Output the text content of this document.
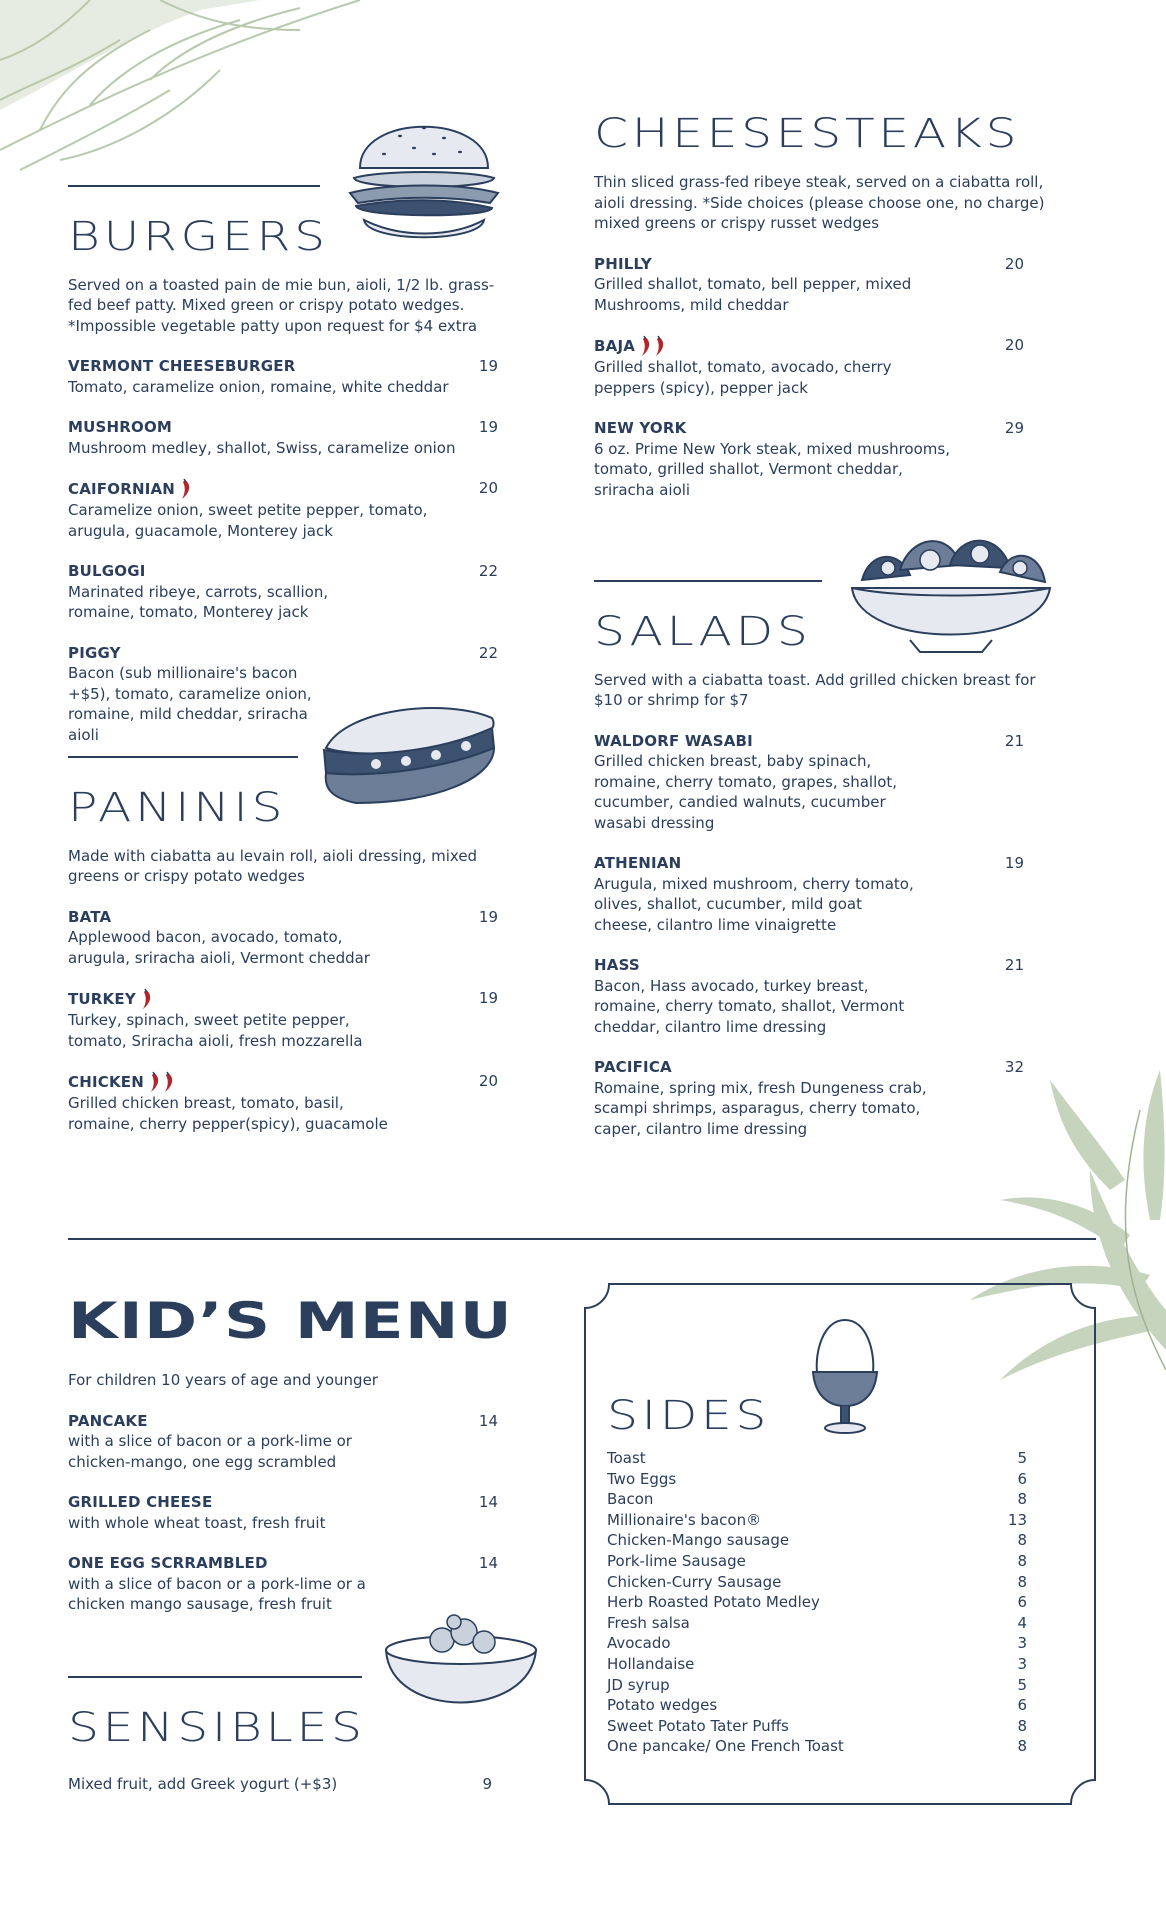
BURGERS
Served on a toasted pain de mie bun, aioli, 1/2 lb. grass-fed beef patty. Mixed green or crispy potato wedges. *Impossible vegetable patty upon request for $4 extra
VERMONT CHEESEBURGER	19
Tomato, caramelize onion, romaine, white cheddar
MUSHROOM	19
Mushroom medley, shallot, Swiss, caramelize onion
CAIFORNIAN	20
Caramelize onion, sweet petite pepper, tomato, arugula, guacamole, Monterey jack
BULGOGI	22
Marinated ribeye, carrots, scallion, romaine, tomato, Monterey jack
PIGGY	22
Bacon (sub millionaire's bacon +$5), tomato, caramelize onion, romaine, mild cheddar, sriracha aioli
PANINIS
Made with ciabatta au levain roll, aioli dressing, mixed greens or crispy potato wedges
BATA	19
Applewood bacon, avocado, tomato, arugula, sriracha aioli, Vermont cheddar
TURKEY	19
Turkey, spinach, sweet petite pepper, tomato, Sriracha aioli, fresh mozzarella
CHICKEN	20
Grilled chicken breast, tomato, basil, romaine, cherry pepper(spicy), guacamole
CHEESESTEAKS
Thin sliced grass-fed ribeye steak, served on a ciabatta roll, aioli dressing. *Side choices (please choose one, no charge) mixed greens or crispy russet wedges
PHILLY	20
Grilled shallot, tomato, bell pepper, mixed Mushrooms, mild cheddar
BAJA	20
Grilled shallot, tomato, avocado, cherry peppers (spicy), pepper jack
NEW YORK	29
6 oz. Prime New York steak, mixed mushrooms, tomato, grilled shallot, Vermont cheddar, sriracha aioli
SALADS
Served with a ciabatta toast. Add grilled chicken breast for $10 or shrimp for $7
WALDORF WASABI	21
Grilled chicken breast, baby spinach, romaine, cherry tomato, grapes, shallot, cucumber, candied walnuts, cucumber wasabi dressing
ATHENIAN	19
Arugula, mixed mushroom, cherry tomato, olives, shallot, cucumber, mild goat cheese, cilantro lime vinaigrette
HASS	21
Bacon, Hass avocado, turkey breast, romaine, cherry tomato, shallot, Vermont cheddar, cilantro lime dressing
PACIFICA	32
Romaine, spring mix, fresh Dungeness crab, scampi shrimps, asparagus, cherry tomato, caper, cilantro lime dressing
KID’S MENU
For children 10 years of age and younger
PANCAKE	14
with a slice of bacon or a pork-lime or chicken-mango, one egg scrambled
GRILLED CHEESE	14
with whole wheat toast, fresh fruit
ONE EGG SCRRAMBLED	14
with a slice of bacon or a pork-lime or a chicken mango sausage, fresh fruit
SENSIBLES
Mixed fruit, add Greek yogurt (+$3)	9
SIDES
Toast	5
Two Eggs	6
Bacon	8
Millionaire's bacon®	13
Chicken-Mango sausage	8
Pork-lime Sausage	8
Chicken-Curry Sausage	8
Herb Roasted Potato Medley	6
Fresh salsa	4
Avocado	3
Hollandaise	3
JD syrup	5
Potato wedges	6
Sweet Potato Tater Puffs	8
One pancake/ One French Toast	8
